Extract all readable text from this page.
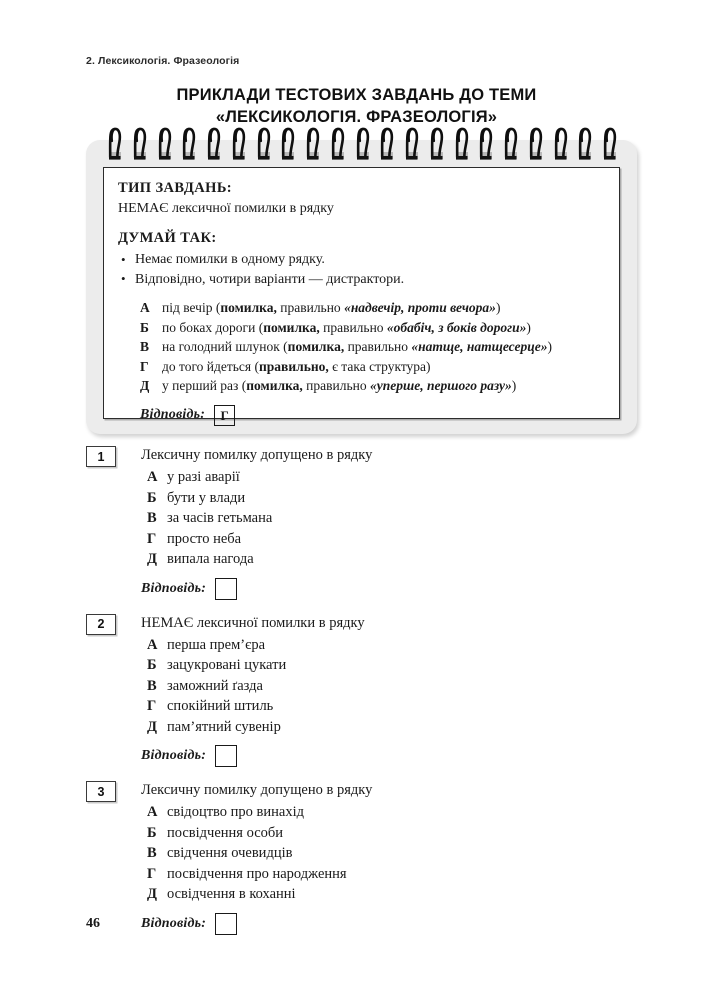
2. Лексикологія. Фразеологія
ПРИКЛАДИ ТЕСТОВИХ ЗАВДАНЬ ДО ТЕМИ
«ЛЕКСИКОЛОГІЯ. ФРАЗЕОЛОГІЯ»
ТИП ЗАВДАНЬ:
НЕМАЄ лексичної помилки в рядку
ДУМАЙ ТАК:
• Немає помилки в одному рядку.
• Відповідно, чотири варіанти — дистрактори.
А під вечір (помилка, правильно «надвечір, проти вечора»)
Б по боках дороги (помилка, правильно «обабіч, з боків дороги»)
В на голодний шлунок (помилка, правильно «натще, натщесерце»)
Г до того йдеться (правильно, є така структура)
Д у перший раз (помилка, правильно «уперше, першого разу»)
Відповідь:	Г
1	Лексичну помилку допущено в рядку
А у разі аварії
Б бути у влади
В за часів гетьмана
Г просто неба
Д випала нагода
Відповідь:
2	НЕМАЄ лексичної помилки в рядку
А перша прем’єра
Б зацукровані цукати
В заможний ґазда
Г спокійний штиль
Д пам’ятний сувенір
Відповідь:
3	Лексичну помилку допущено в рядку
А свідоцтво про винахід
Б посвідчення особи
В свідчення очевидців
Г посвідчення про народження
Д освідчення в коханні
Відповідь:
46
